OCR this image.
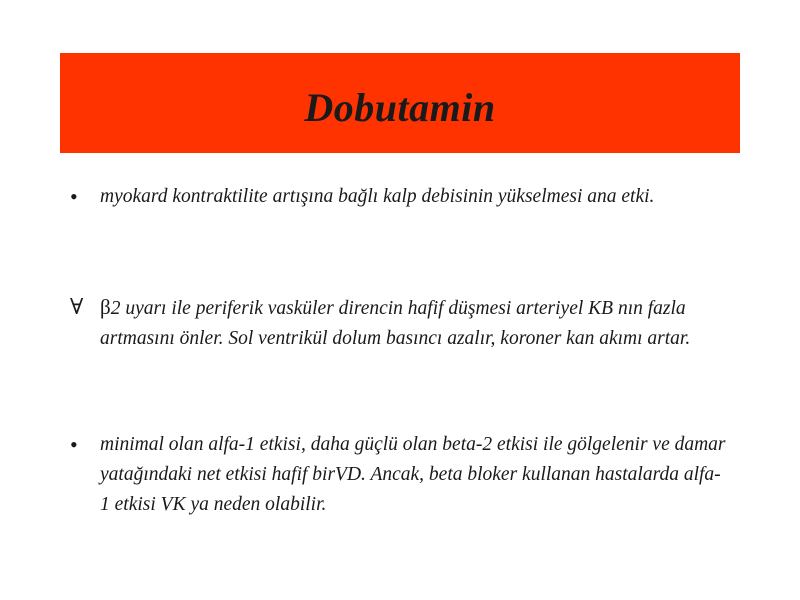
Dobutamin
• myokard kontraktilite artışına bağlı kalp debisinin yükselmesi ana etki.
∀ β2 uyarı ile periferik vasküler direncin hafif düşmesi arteriyel KB nın fazla artmasını önler. Sol ventrikül dolum basıncı azalır, koroner kan akımı artar.
• minimal olan alfa-1 etkisi, daha güçlü olan beta-2 etkisi ile gölgelenir ve damar yatağındaki net etkisi hafif birVD. Ancak, beta bloker kullanan hastalarda alfa-1 etkisi VK ya neden olabilir.
